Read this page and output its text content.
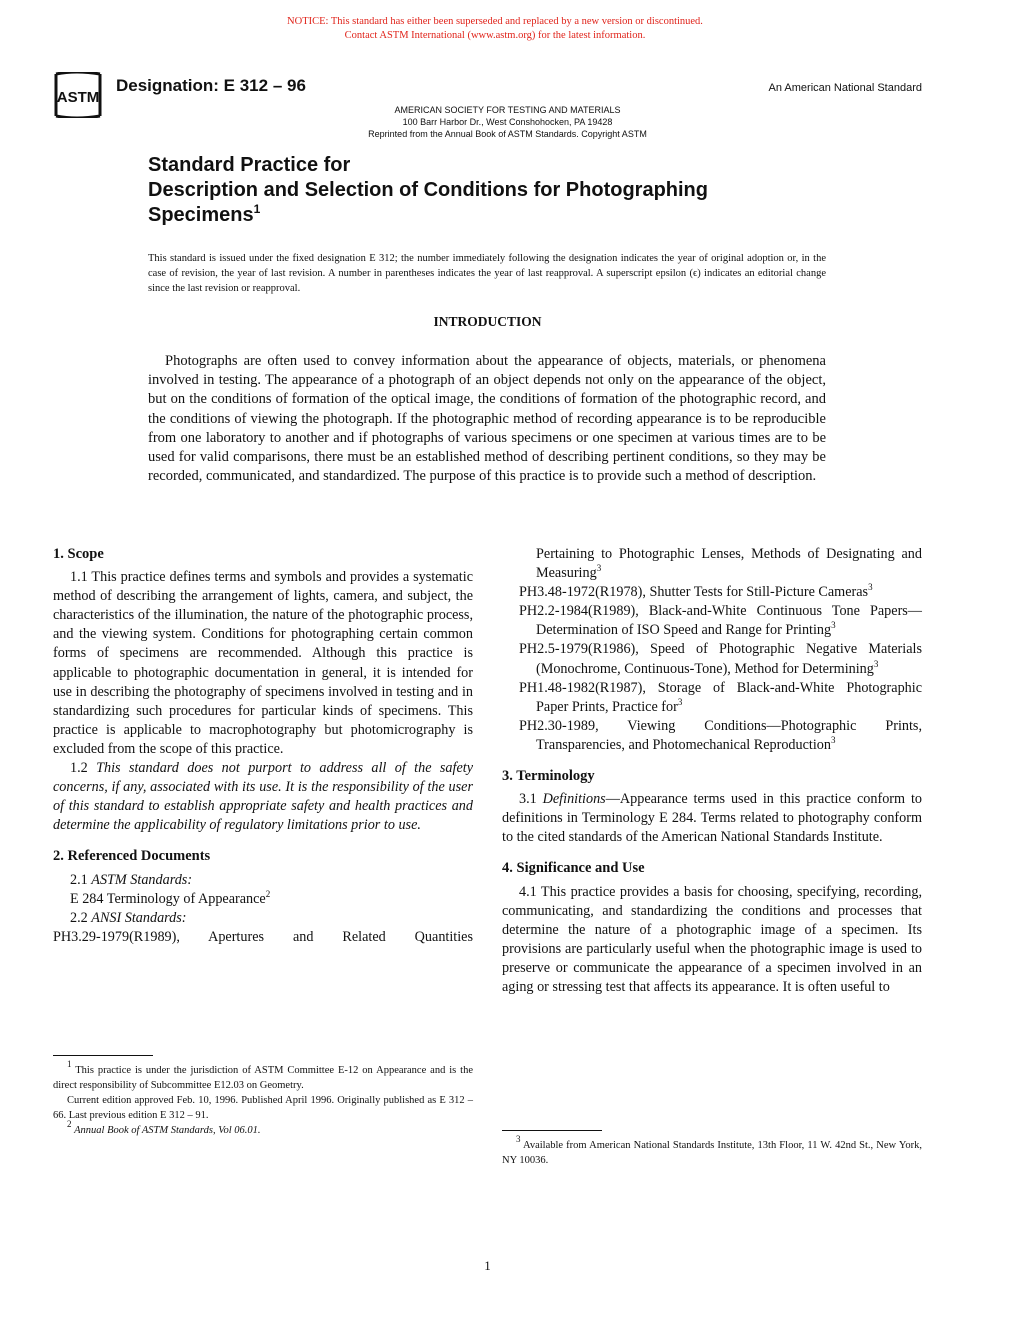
NOTICE: This standard has either been superseded and replaced by a new version or discontinued.
Contact ASTM International (www.astm.org) for the latest information.
ASTM
Designation: E 312 – 96	An American National Standard
AMERICAN SOCIETY FOR TESTING AND MATERIALS
100 Barr Harbor Dr., West Conshohocken, PA 19428
Reprinted from the Annual Book of ASTM Standards. Copyright ASTM
Standard Practice for
Description and Selection of Conditions for Photographing
Specimens$^1$
This standard is issued under the fixed designation E 312; the number immediately following the designation indicates the year of original adoption or, in the case of revision, the year of last revision. A number in parentheses indicates the year of last reapproval. A superscript epsilon (ϵ) indicates an editorial change since the last revision or reapproval.
INTRODUCTION
Photographs are often used to convey information about the appearance of objects, materials, or phenomena involved in testing. The appearance of a photograph of an object depends not only on the appearance of the object, but on the conditions of formation of the optical image, the conditions of formation of the photographic record, and the conditions of viewing the photograph. If the photographic method of recording appearance is to be reproducible from one laboratory to another and if photographs of various specimens or one specimen at various times are to be used for valid comparisons, there must be an established method of describing pertinent conditions, so they may be recorded, communicated, and standardized. The purpose of this practice is to provide such a method of description.
1. Scope
1.1 This practice defines terms and symbols and provides a systematic method of describing the arrangement of lights, camera, and subject, the characteristics of the illumination, the nature of the photographic process, and the viewing system. Conditions for photographing certain common forms of specimens are recommended. Although this practice is applicable to photographic documentation in general, it is intended for use in describing the photography of specimens involved in testing and in standardizing such procedures for particular kinds of specimens. This practice is applicable to macrophotography but photomicrography is excluded from the scope of this practice.
1.2 This standard does not purport to address all of the safety concerns, if any, associated with its use. It is the responsibility of the user of this standard to establish appropriate safety and health practices and determine the applicability of regulatory limitations prior to use.
2. Referenced Documents
2.1 ASTM Standards:
E 284 Terminology of Appearance$^2$
2.2 ANSI Standards:
PH3.29-1979(R1989), Apertures and Related Quantities
$^1$ This practice is under the jurisdiction of ASTM Committee E-12 on Appearance and is the direct responsibility of Subcommittee E12.03 on Geometry.
Current edition approved Feb. 10, 1996. Published April 1996. Originally published as E 312 – 66. Last previous edition E 312 – 91.
$^2$ Annual Book of ASTM Standards, Vol 06.01.
Pertaining to Photographic Lenses, Methods of Designating and Measuring$^3$
PH3.48-1972(R1978), Shutter Tests for Still-Picture Cameras$^3$
PH2.2-1984(R1989), Black-and-White Continuous Tone Papers—Determination of ISO Speed and Range for Printing$^3$
PH2.5-1979(R1986), Speed of Photographic Negative Materials (Monochrome, Continuous-Tone), Method for Determining$^3$
PH1.48-1982(R1987), Storage of Black-and-White Photographic Paper Prints, Practice for$^3$
PH2.30-1989, Viewing Conditions—Photographic Prints, Transparencies, and Photomechanical Reproduction$^3$
3. Terminology
3.1 Definitions—Appearance terms used in this practice conform to definitions in Terminology E 284. Terms related to photography conform to the cited standards of the American National Standards Institute.
4. Significance and Use
4.1 This practice provides a basis for choosing, specifying, recording, communicating, and standardizing the conditions and processes that determine the nature of a photographic image of a specimen. Its provisions are particularly useful when the photographic image is used to preserve or communicate the appearance of a specimen involved in an aging or stressing test that affects its appearance. It is often useful to
$^3$ Available from American National Standards Institute, 13th Floor, 11 W. 42nd St., New York, NY 10036.
1
